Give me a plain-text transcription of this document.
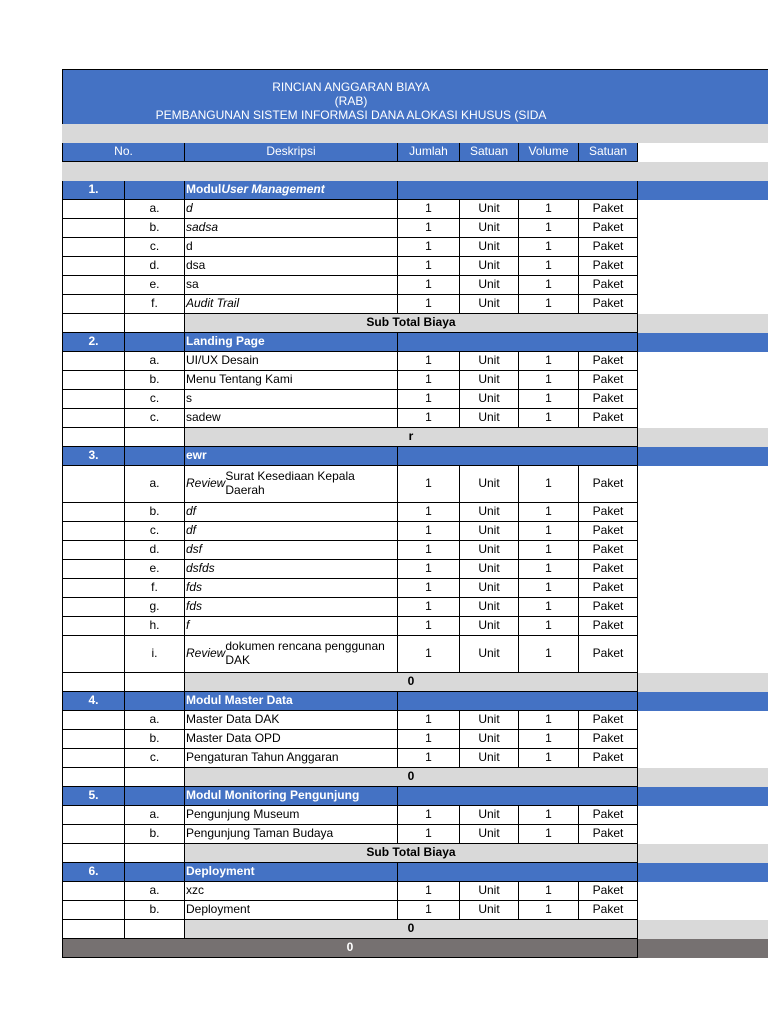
RINCIAN ANGGARAN BIAYA
(RAB)
PEMBANGUNAN SISTEM INFORMASI DANA ALOKASI KHUSUS (SIDA
No.	Deskripsi	Jumlah	Satuan	Volume	Satuan
1.	Modul User Management
a.	d	1	Unit	1	Paket
b.	sadsa	1	Unit	1	Paket
c.	d	1	Unit	1	Paket
d.	dsa	1	Unit	1	Paket
e.	sa	1	Unit	1	Paket
f.	Audit Trail	1	Unit	1	Paket
Sub Total Biaya
2.	Landing Page
a.	UI/UX Desain	1	Unit	1	Paket
b.	Menu Tentang Kami	1	Unit	1	Paket
c.	s	1	Unit	1	Paket
c.	sadew	1	Unit	1	Paket
r
3.	ewr
a.	Review Surat Kesediaan Kepala Daerah	1	Unit	1	Paket
b.	df	1	Unit	1	Paket
c.	df	1	Unit	1	Paket
d.	dsf	1	Unit	1	Paket
e.	dsfds	1	Unit	1	Paket
f.	fds	1	Unit	1	Paket
g.	fds	1	Unit	1	Paket
h.	f	1	Unit	1	Paket
i.	Review dokumen rencana penggunan DAK	1	Unit	1	Paket
0
4.	Modul Master Data
a.	Master Data DAK	1	Unit	1	Paket
b.	Master Data OPD	1	Unit	1	Paket
c.	Pengaturan Tahun Anggaran	1	Unit	1	Paket
0
5.	Modul Monitoring Pengunjung
a.	Pengunjung Museum	1	Unit	1	Paket
b.	Pengunjung Taman Budaya	1	Unit	1	Paket
Sub Total Biaya
6.	Deployment
a.	xzc	1	Unit	1	Paket
b.	Deployment	1	Unit	1	Paket
0
0
